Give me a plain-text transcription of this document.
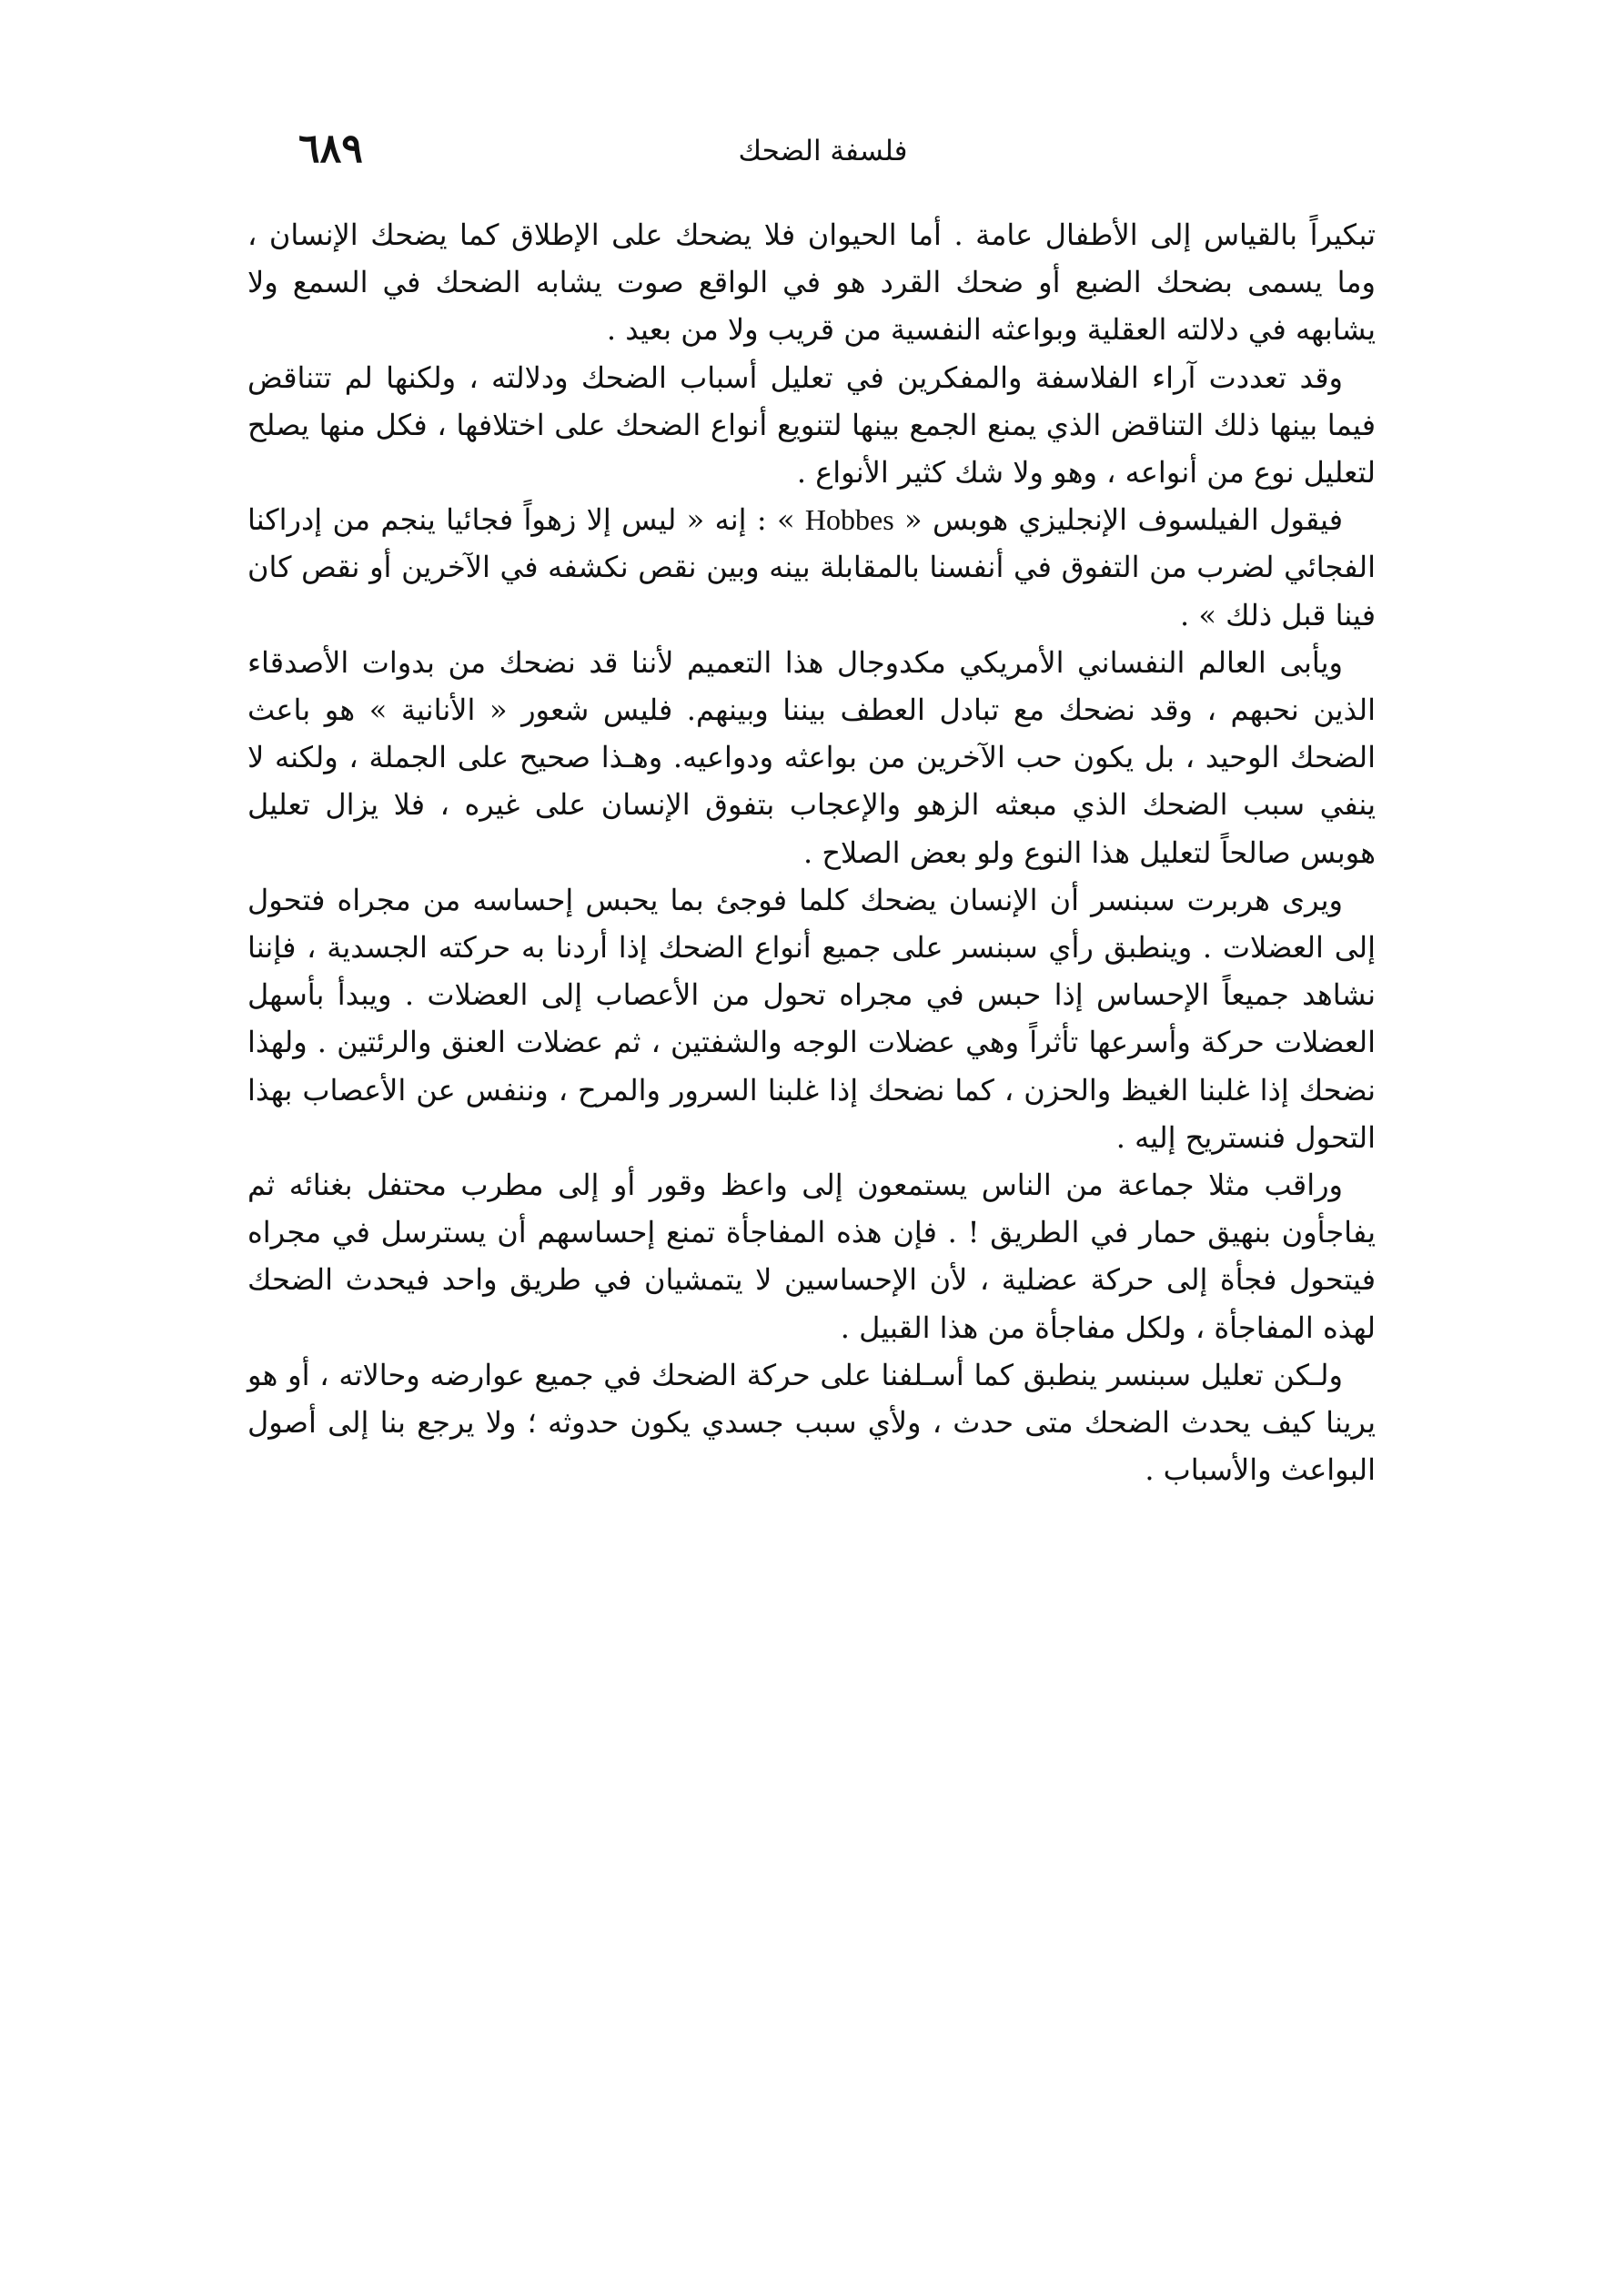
فلسفة الضحك
٦٨٩

تبكيراً بالقياس إلى الأطفال عامة . أما الحيوان فلا يضحك على الإطلاق كما يضحك الإنسان ، وما يسمى بضحك الضبع أو ضحك القرد هو في الواقع صوت يشابه الضحك في السمع ولا يشابهه في دلالته العقلية وبواعثه النفسية من قريب ولا من بعيد .

وقد تعددت آراء الفلاسفة والمفكرين في تعليل أسباب الضحك ودلالته ، ولكنها لم تتناقض فيما بينها ذلك التناقض الذي يمنع الجمع بينها لتنويع أنواع الضحك على اختلافها ، فكل منها يصلح لتعليل نوع من أنواعه ، وهو ولا شك كثير الأنواع .

فيقول الفيلسوف الإنجليزي هوبس « Hobbes » : إنه « ليس إلا زهواً فجائيا ينجم من إدراكنا الفجائي لضرب من التفوق في أنفسنا بالمقابلة بينه وبين نقص نكشفه في الآخرين أو نقص كان فينا قبل ذلك » .

ويأبى العالم النفساني الأمريكي مكدوجال هذا التعميم لأننا قد نضحك من بدوات الأصدقاء الذين نحبهم ، وقد نضحك مع تبادل العطف بيننا وبينهم. فليس شعور « الأنانية » هو باعث الضحك الوحيد ، بل يكون حب الآخرين من بواعثه ودواعيه. وهـذا صحيح على الجملة ، ولكنه لا ينفي سبب الضحك الذي مبعثه الزهو والإعجاب بتفوق الإنسان على غيره ، فلا يزال تعليل هوبس صالحاً لتعليل هذا النوع ولو بعض الصلاح .

ويرى هربرت سبنسر أن الإنسان يضحك كلما فوجئ بما يحبس إحساسه من مجراه فتحول إلى العضلات . وينطبق رأي سبنسر على جميع أنواع الضحك إذا أردنا به حركته الجسدية ، فإننا نشاهد جميعاً الإحساس إذا حبس في مجراه تحول من الأعصاب إلى العضلات . ويبدأ بأسهل العضلات حركة وأسرعها تأثراً وهي عضلات الوجه والشفتين ، ثم عضلات العنق والرئتين . ولهذا نضحك إذا غلبنا الغيظ والحزن ، كما نضحك إذا غلبنا السرور والمرح ، وننفس عن الأعصاب بهذا التحول فنستريح إليه .

وراقب مثلا جماعة من الناس يستمعون إلى واعظ وقور أو إلى مطرب محتفل بغنائه ثم يفاجأون بنهيق حمار في الطريق ! . فإن هذه المفاجأة تمنع إحساسهم أن يسترسل في مجراه فيتحول فجأة إلى حركة عضلية ، لأن الإحساسين لا يتمشيان في طريق واحد فيحدث الضحك لهذه المفاجأة ، ولكل مفاجأة من هذا القبيل .

ولـكن تعليل سبنسر ينطبق كما أسـلفنا على حركة الضحك في جميع عوارضه وحالاته ، أو هو يرينا كيف يحدث الضحك متى حدث ، ولأي سبب جسدي يكون حدوثه ؛ ولا يرجع بنا إلى أصول البواعث والأسباب .
